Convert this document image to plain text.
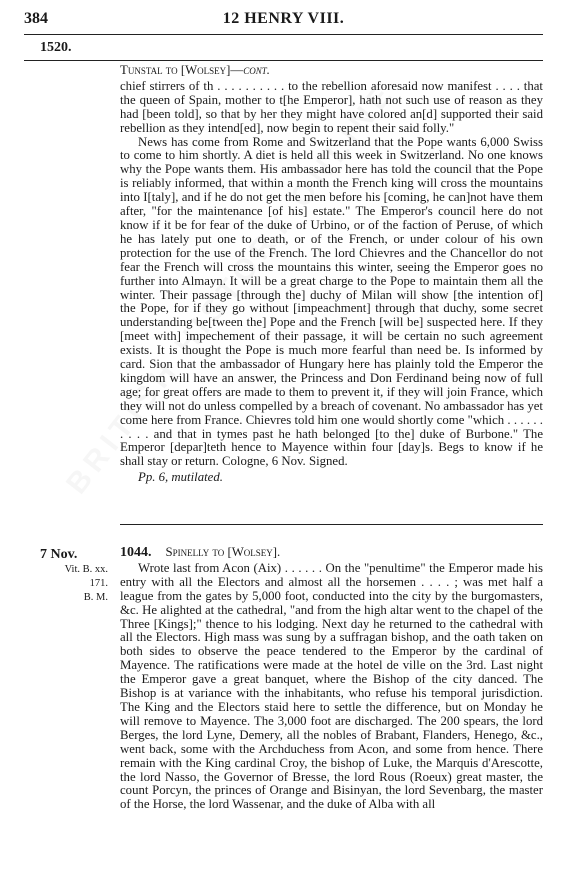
384	12 HENRY VIII.
1520.

Tunstal to [Wolsey]—cont.

chief stirrers of th . . . . . . . . . . to the rebellion aforesaid now manifest . . . . that the queen of Spain, mother to t[he Emperor], hath not such use of reason as they had [been told], so that by her they might have colored an[d] supported their said rebellion as they intend[ed], now begin to repent their said folly."

News has come from Rome and Switzerland that the Pope wants 6,000 Swiss to come to him shortly. A diet is held all this week in Switzerland. No one knows why the Pope wants them. His ambassador here has told the council that the Pope is reliably informed, that within a month the French king will cross the mountains into I[taly], and if he do not get the men before his [coming, he can]not have them after, "for the maintenance [of his] estate." The Emperor's council here do not know if it be for fear of the duke of Urbino, or of the faction of Peruse, of which he has lately put one to death, or of the French, or under colour of his own protection for the use of the French. The lord Chievres and the Chancellor do not fear the French will cross the mountains this winter, seeing the Emperor goes no further into Almayn. It will be a great charge to the Pope to maintain them all the winter. Their passage [through the] duchy of Milan will show [the intention of] the Pope, for if they go without [impeachment] through that duchy, some secret understanding be[tween the] Pope and the French [will be] suspected here. If they [meet with] impechement of their passage, it will be certain no such agreement exists. It is thought the Pope is much more fearful than need be. Is informed by card. Sion that the ambassador of Hungary here has plainly told the Emperor the kingdom will have an answer, the Princess and Don Ferdinand being now of full age; for great offers are made to them to prevent it, if they will join France, which they will not do unless compelled by a breach of covenant. No ambassador has yet come here from France. Chievres told him one would shortly come "which . . . . . . . . . . and that in tymes past he hath belonged [to the] duke of Burbone." The Emperor [depar]teth hence to Mayence within four [day]s. Begs to know if he shall stay or return. Cologne, 6 Nov. Signed.

Pp. 6, mutilated.

7 Nov.
Vit. B. xx.
171.
B. M.

1044. Spinelly to [Wolsey].

Wrote last from Acon (Aix) . . . . . . On the "penultime" the Emperor made his entry with all the Electors and almost all the horsemen . . . . ; was met half a league from the gates by 5,000 foot, conducted into the city by the burgomasters, &c. He alighted at the cathedral, "and from the high altar went to the chapel of the Three [Kings];" thence to his lodging. Next day he returned to the cathedral with all the Electors. High mass was sung by a suffragan bishop, and the oath taken on both sides to observe the peace tendered to the Emperor by the cardinal of Mayence. The ratifications were made at the hotel de ville on the 3rd. Last night the Emperor gave a great banquet, where the Bishop of the city danced. The Bishop is at variance with the inhabitants, who refuse his temporal jurisdiction. The King and the Electors staid here to settle the difference, but on Monday he will remove to Mayence. The 3,000 foot are discharged. The 200 spears, the lord Berges, the lord Lyne, Demery, all the nobles of Brabant, Flanders, Henego, &c., went back, some with the Archduchess from Acon, and some from hence. There remain with the King cardinal Croy, the bishop of Luke, the Marquis d'Arescotte, the lord Nasso, the Governor of Bresse, the lord Rous (Roeux) great master, the count Porcyn, the princes of Orange and Bisinyan, the lord Sevenbarg, the master of the Horse, the lord Wassenar, and the duke of Alba with all
